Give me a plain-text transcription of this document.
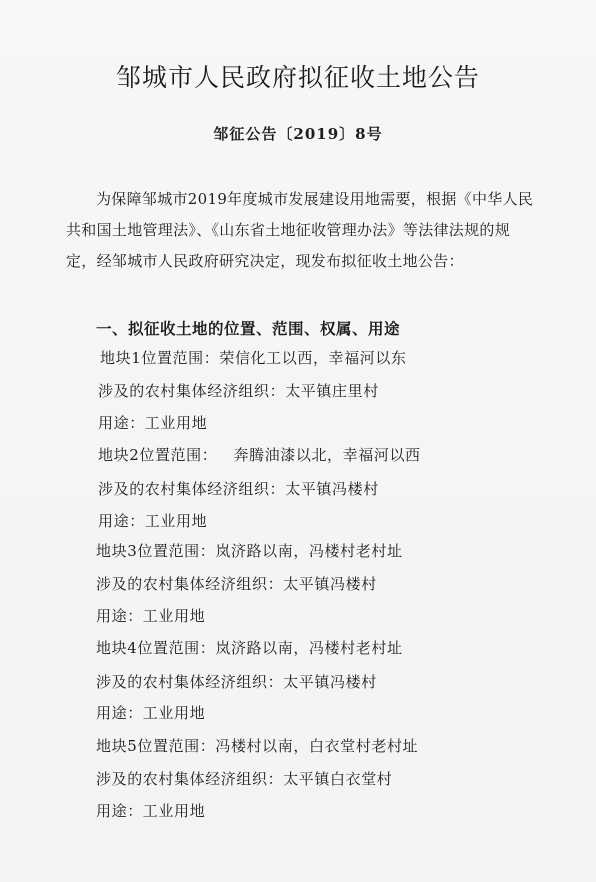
邹城市人民政府拟征收土地公告
邹征公告〔2019〕8号
为保障邹城市2019年度城市发展建设用地需要，根据《中华人民共和国土地管理法》、《山东省土地征收管理办法》等法律法规的规定，经邹城市人民政府研究决定，现发布拟征收土地公告：
一、拟征收土地的位置、范围、权属、用途
地块1位置范围：荣信化工以西，幸福河以东
涉及的农村集体经济组织：太平镇庄里村
用途：工业用地
地块2位置范围：   奔腾油漆以北，幸福河以西
涉及的农村集体经济组织：太平镇冯楼村
用途：工业用地
地块3位置范围：岚济路以南，冯楼村老村址
涉及的农村集体经济组织：太平镇冯楼村
用途：工业用地
地块4位置范围：岚济路以南，冯楼村老村址
涉及的农村集体经济组织：太平镇冯楼村
用途：工业用地
地块5位置范围：冯楼村以南，白衣堂村老村址
涉及的农村集体经济组织：太平镇白衣堂村
用途：工业用地
